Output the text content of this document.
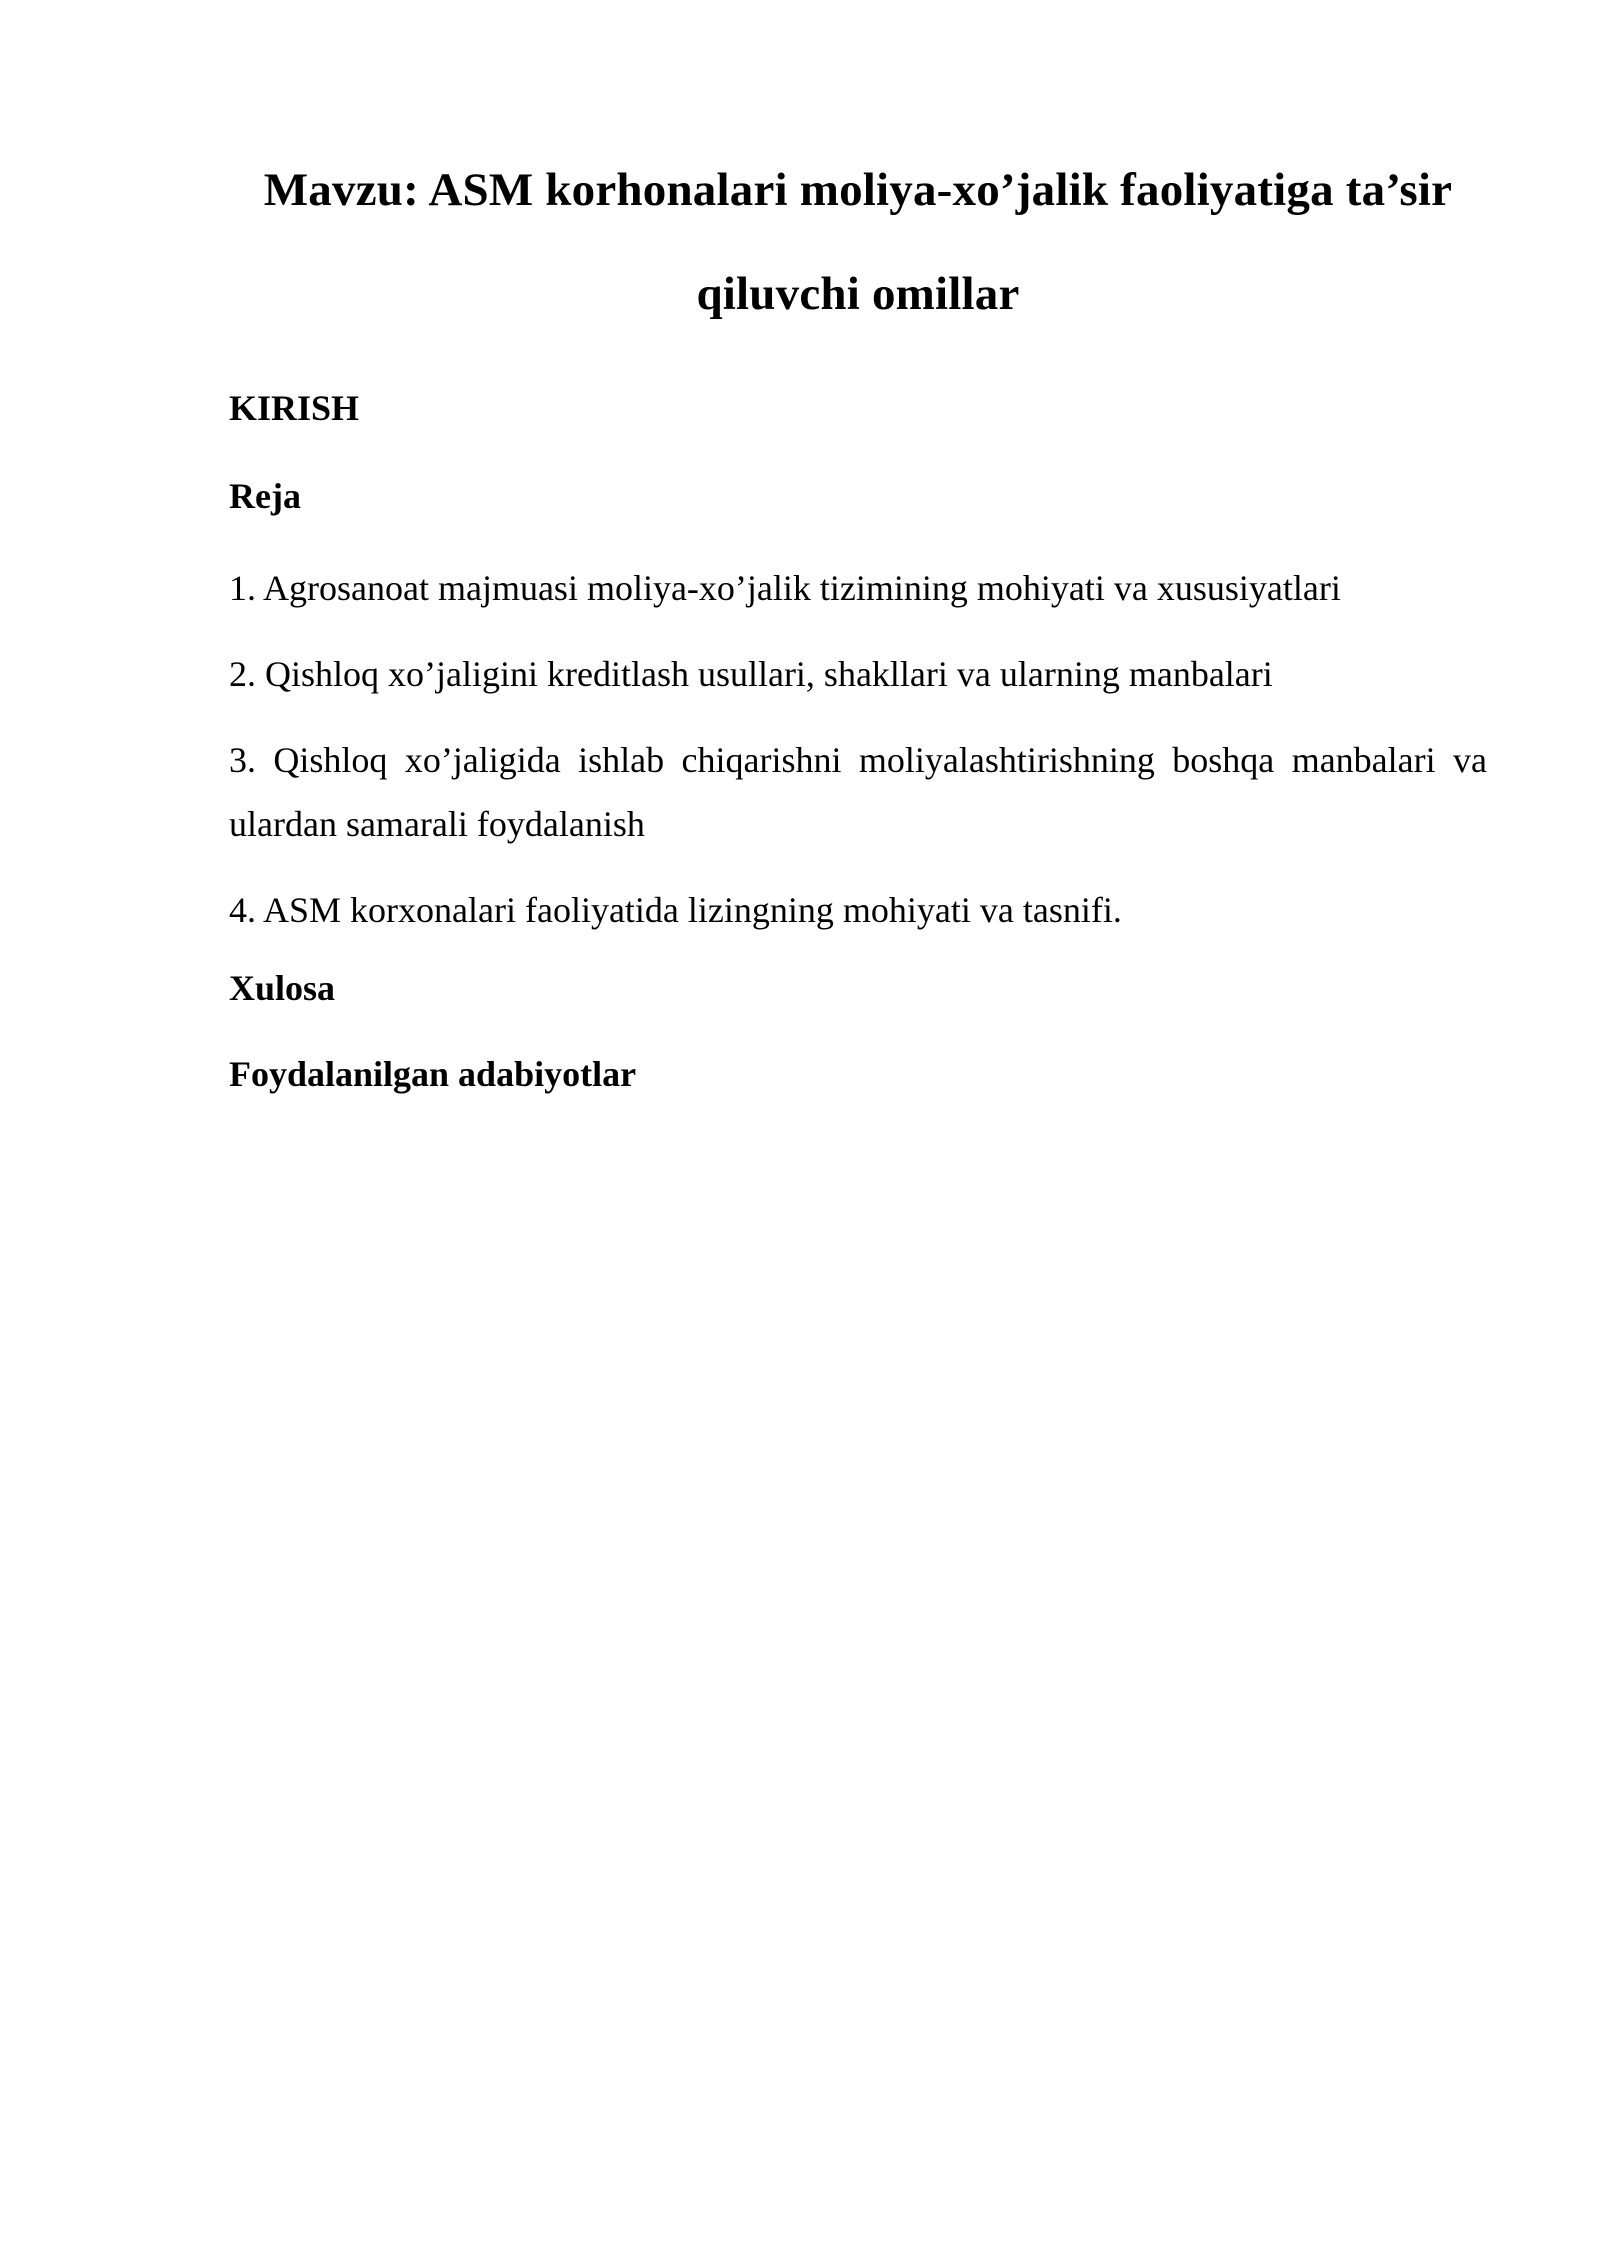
Mavzu: ASM korhonalari moliya-xo’jalik faoliyatiga ta’sir

qiluvchi omillar

KIRISH

Reja

1. Agrosanoat majmuasi moliya-xo’jalik tizimining mohiyati va xususiyatlari

2. Qishloq xo’jaligini kreditlash usullari, shakllari va ularning manbalari

3. Qishloq xo’jaligida ishlab chiqarishni moliyalashtirishning boshqa manbalari va ulardan samarali foydalanish

4. ASM korxonalari faoliyatida lizingning mohiyati va tasnifi.

Xulosa

Foydalanilgan adabiyotlar
